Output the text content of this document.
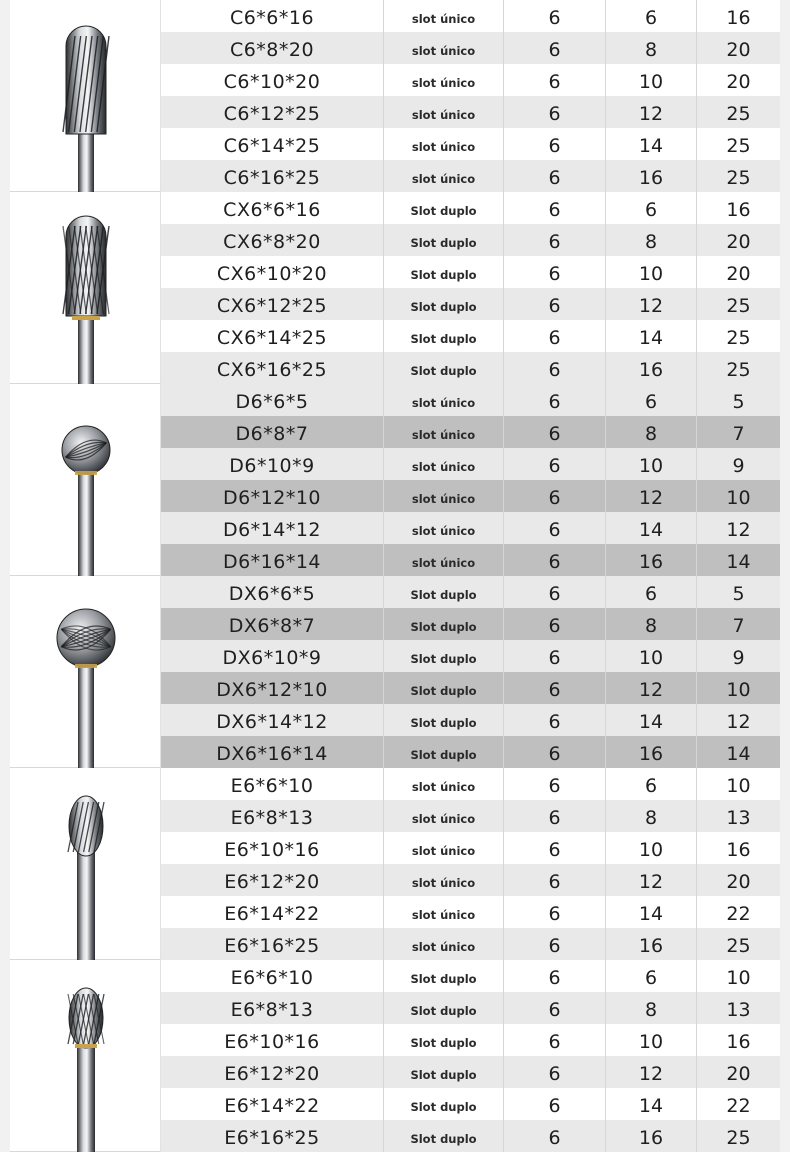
C6*6*16	slot único	6	6	16
C6*8*20	slot único	6	8	20
C6*10*20	slot único	6	10	20
C6*12*25	slot único	6	12	25
C6*14*25	slot único	6	14	25
C6*16*25	slot único	6	16	25
CX6*6*16	Slot duplo	6	6	16
CX6*8*20	Slot duplo	6	8	20
CX6*10*20	Slot duplo	6	10	20
CX6*12*25	Slot duplo	6	12	25
CX6*14*25	Slot duplo	6	14	25
CX6*16*25	Slot duplo	6	16	25
D6*6*5	slot único	6	6	5
D6*8*7	slot único	6	8	7
D6*10*9	slot único	6	10	9
D6*12*10	slot único	6	12	10
D6*14*12	slot único	6	14	12
D6*16*14	slot único	6	16	14
DX6*6*5	Slot duplo	6	6	5
DX6*8*7	Slot duplo	6	8	7
DX6*10*9	Slot duplo	6	10	9
DX6*12*10	Slot duplo	6	12	10
DX6*14*12	Slot duplo	6	14	12
DX6*16*14	Slot duplo	6	16	14
E6*6*10	slot único	6	6	10
E6*8*13	slot único	6	8	13
E6*10*16	slot único	6	10	16
E6*12*20	slot único	6	12	20
E6*14*22	slot único	6	14	22
E6*16*25	slot único	6	16	25
E6*6*10	Slot duplo	6	6	10
E6*8*13	Slot duplo	6	8	13
E6*10*16	Slot duplo	6	10	16
E6*12*20	Slot duplo	6	12	20
E6*14*22	Slot duplo	6	14	22
E6*16*25	Slot duplo	6	16	25
